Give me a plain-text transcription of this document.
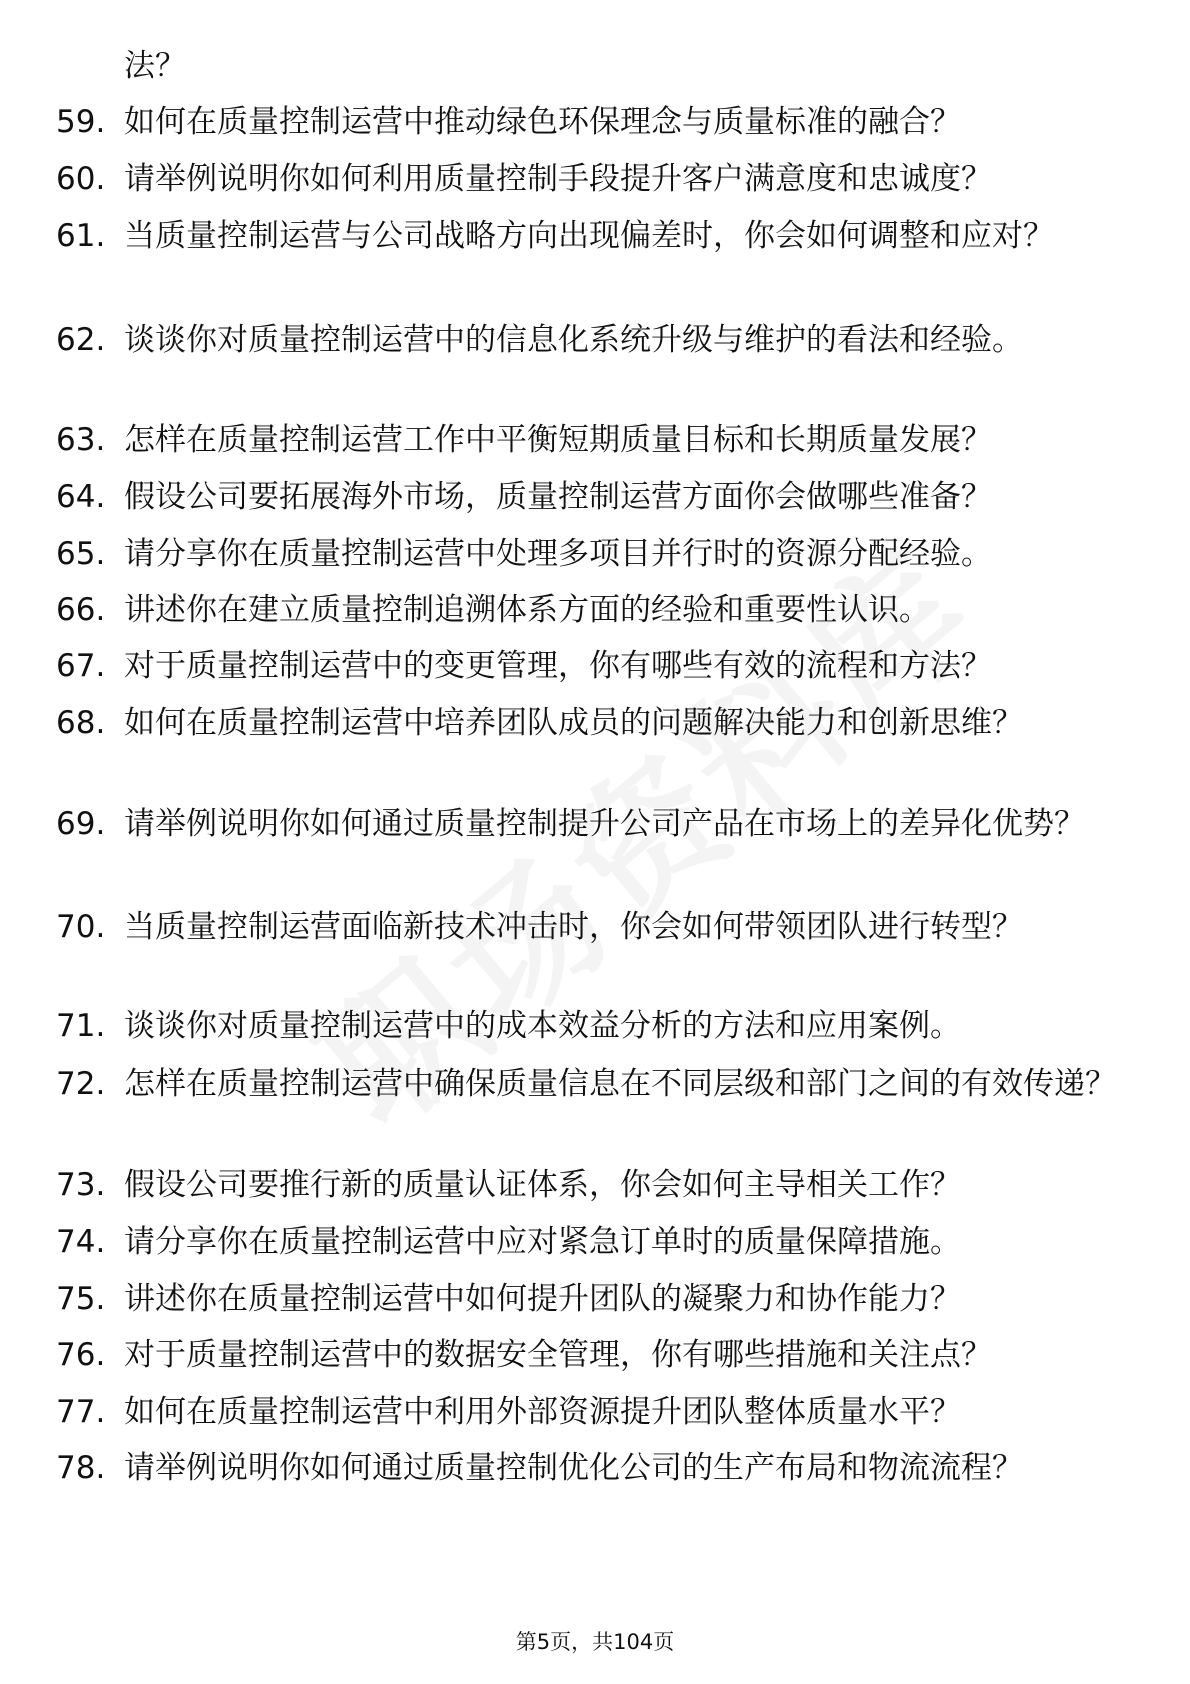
法？
59. 如何在质量控制运营中推动绿色环保理念与质量标准的融合？
60. 请举例说明你如何利用质量控制手段提升客户满意度和忠诚度？
61. 当质量控制运营与公司战略方向出现偏差时，你会如何调整和应对？
62. 谈谈你对质量控制运营中的信息化系统升级与维护的看法和经验。
63. 怎样在质量控制运营工作中平衡短期质量目标和长期质量发展？
64. 假设公司要拓展海外市场，质量控制运营方面你会做哪些准备？
65. 请分享你在质量控制运营中处理多项目并行时的资源分配经验。
66. 讲述你在建立质量控制追溯体系方面的经验和重要性认识。
67. 对于质量控制运营中的变更管理，你有哪些有效的流程和方法？
68. 如何在质量控制运营中培养团队成员的问题解决能力和创新思维？
69. 请举例说明你如何通过质量控制提升公司产品在市场上的差异化优势？
70. 当质量控制运营面临新技术冲击时，你会如何带领团队进行转型？
71. 谈谈你对质量控制运营中的成本效益分析的方法和应用案例。
72. 怎样在质量控制运营中确保质量信息在不同层级和部门之间的有效传递？
73. 假设公司要推行新的质量认证体系，你会如何主导相关工作？
74. 请分享你在质量控制运营中应对紧急订单时的质量保障措施。
75. 讲述你在质量控制运营中如何提升团队的凝聚力和协作能力？
76. 对于质量控制运营中的数据安全管理，你有哪些措施和关注点？
77. 如何在质量控制运营中利用外部资源提升团队整体质量水平？
78. 请举例说明你如何通过质量控制优化公司的生产布局和物流流程？
第5页，共104页
